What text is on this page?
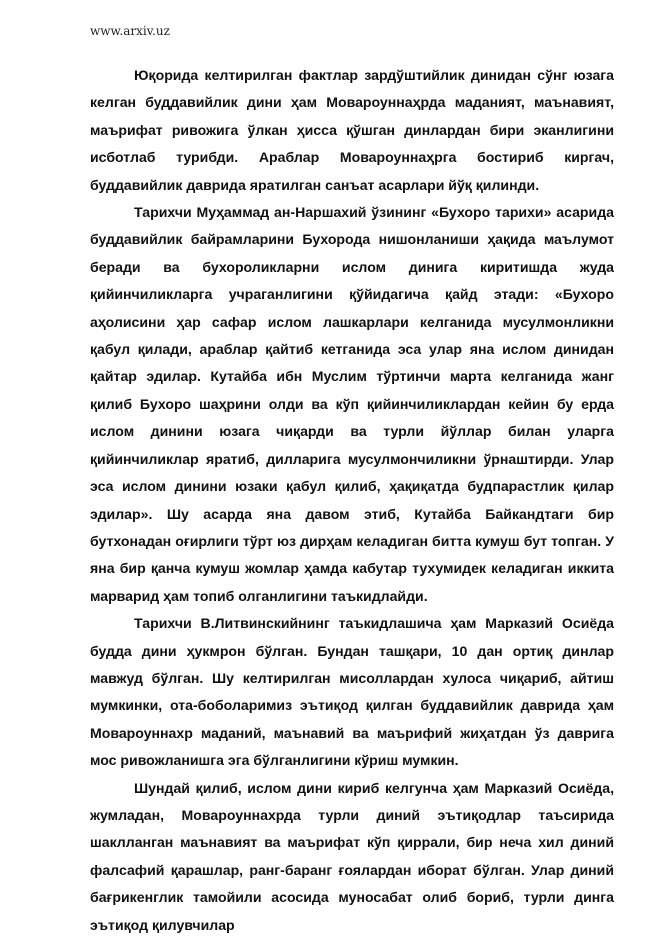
www.arxiv.uz

Юқорида келтирилган фактлар зардўштийлик динидан сўнг юзага келган буддавийлик дини ҳам Мовароуннаҳрда маданият, маънавият, маърифат ривожига ўлкан ҳисса қўшган динлардан бири эканлигини исботлаб турибди. Араблар Мовароуннаҳрга бостириб киргач, буддавийлик даврида яратилган санъат асарлари йўқ қилинди.

Тарихчи Муҳаммад ан-Наршахий ўзининг «Бухоро тарихи» асарида буддавийлик байрамларини Бухорода нишонланиши ҳақида маълумот беради ва бухороликларни ислом динига киритишда жуда қийинчиликларга учраганлигини қўйидагича қайд этади: «Бухоро аҳолисини ҳар сафар ислом лашкарлари келганида мусулмонликни қабул қилади, араблар қайтиб кетганида эса улар яна ислом динидан қайтар эдилар. Кутайба ибн Муслим тўртинчи марта келганида жанг қилиб Бухоро шаҳрини олди ва кўп қийинчиликлардан кейин бу ерда ислом динини юзага чиқарди ва турли йўллар билан уларга қийинчиликлар яратиб, дилларига мусулмончиликни ўрнаштирди. Улар эса ислом динини юзаки қабул қилиб, ҳақиқатда будпарастлик қилар эдилар». Шу асарда яна давом этиб, Кутайба Байкандтаги бир бутхонадан оғирлиги тўрт юз дирҳам келадиган битта кумуш бут топган. У яна бир қанча кумуш жомлар ҳамда кабутар тухумидек келадиган иккита марварид ҳам топиб олганлигини таъкидлайди.

Тарихчи В.Литвинскийнинг таъкидлашича ҳам Марказий Осиёда будда дини ҳукмрон бўлган. Бундан ташқари, 10 дан ортиқ динлар мавжуд бўлган. Шу келтирилган мисоллардан хулоса чиқариб, айтиш мумкинки, ота-боболаримиз эътиқод қилган буддавийлик даврида ҳам Мовароуннахр маданий, маънавий ва маърифий жиҳатдан ўз даврига мос ривожланишга эга бўлганлигини кўриш мумкин.

Шундай қилиб, ислом дини кириб келгунча ҳам Марказий Осиёда, жумладан, Мовароуннахрда турли диний эътиқодлар таъсирида шаклланган маънавият ва маърифат кўп қиррали, бир неча хил диний фалсафий қарашлар, ранг-баранг ғоялардан иборат бўлган. Улар диний бағрикенглик тамойили асосида муносабат олиб бориб, турли динга эътиқод қилувчилар
